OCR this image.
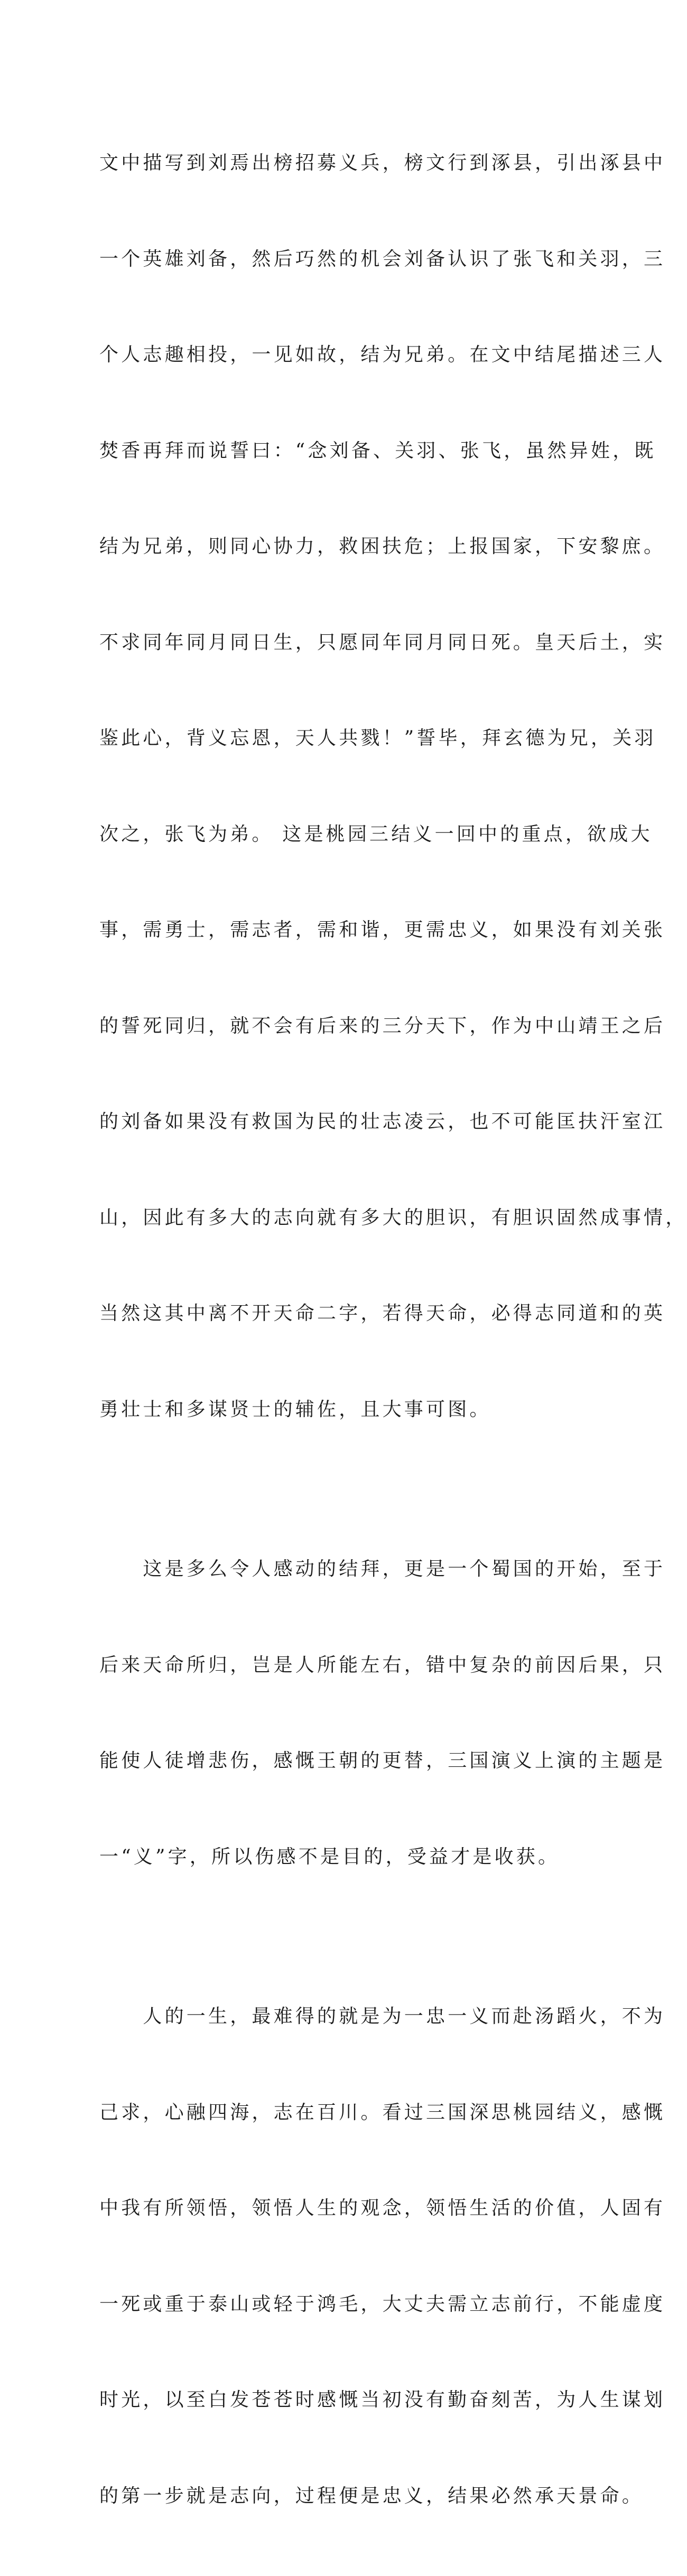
文中描写到刘焉出榜招募义兵，榜文行到涿县，引出涿县中

一个英雄刘备，然后巧然的机会刘备认识了张飞和关羽，三

个人志趣相投，一见如故，结为兄弟。在文中结尾描述三人

焚香再拜而说誓曰：“念刘备、关羽、张飞，虽然异姓，既

结为兄弟，则同心协力，救困扶危；上报国家，下安黎庶。

不求同年同月同日生，只愿同年同月同日死。皇天后土，实

鉴此心，背义忘恩，天人共戮！”誓毕，拜玄德为兄，关羽

次之，张飞为弟。 这是桃园三结义一回中的重点，欲成大

事，需勇士，需志者，需和谐，更需忠义，如果没有刘关张

的誓死同归，就不会有后来的三分天下，作为中山靖王之后

的刘备如果没有救国为民的壮志凌云，也不可能匡扶汗室江

山，因此有多大的志向就有多大的胆识，有胆识固然成事情，

当然这其中离不开天命二字，若得天命，必得志同道和的英

勇壮士和多谋贤士的辅佐，且大事可图。

　　这是多么令人感动的结拜，更是一个蜀国的开始，至于

后来天命所归，岂是人所能左右，错中复杂的前因后果，只

能使人徒增悲伤，感慨王朝的更替，三国演义上演的主题是

一“义”字，所以伤感不是目的，受益才是收获。

　　人的一生，最难得的就是为一忠一义而赴汤蹈火，不为

己求，心融四海，志在百川。看过三国深思桃园结义，感慨

中我有所领悟，领悟人生的观念，领悟生活的价值，人固有

一死或重于泰山或轻于鸿毛，大丈夫需立志前行，不能虚度

时光，以至白发苍苍时感慨当初没有勤奋刻苦，为人生谋划

的第一步就是志向，过程便是忠义，结果必然承天景命。
